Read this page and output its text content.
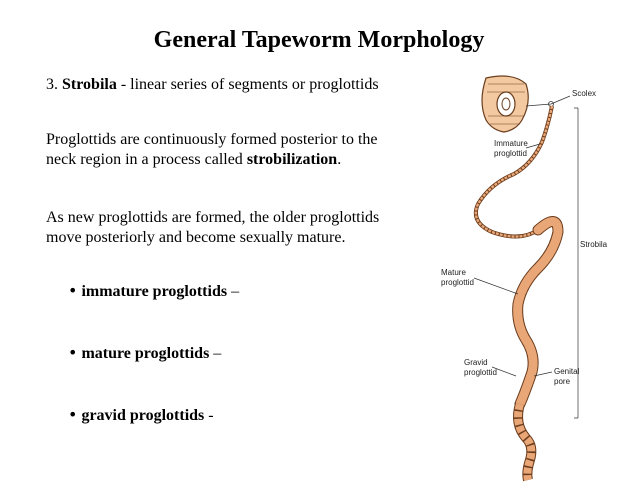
General Tapeworm Morphology
3. Strobila - linear series of segments or proglottids
Proglottids are continuously formed posterior to the neck region in a process called strobilization.
As new proglottids are formed, the older proglottids move posteriorly and become sexually mature.
• immature proglottids –
• mature proglottids –
• gravid proglottids -
Scolex
Immature
proglottid
Strobila
Mature
proglottid
Gravid
proglottid	Genital
pore
